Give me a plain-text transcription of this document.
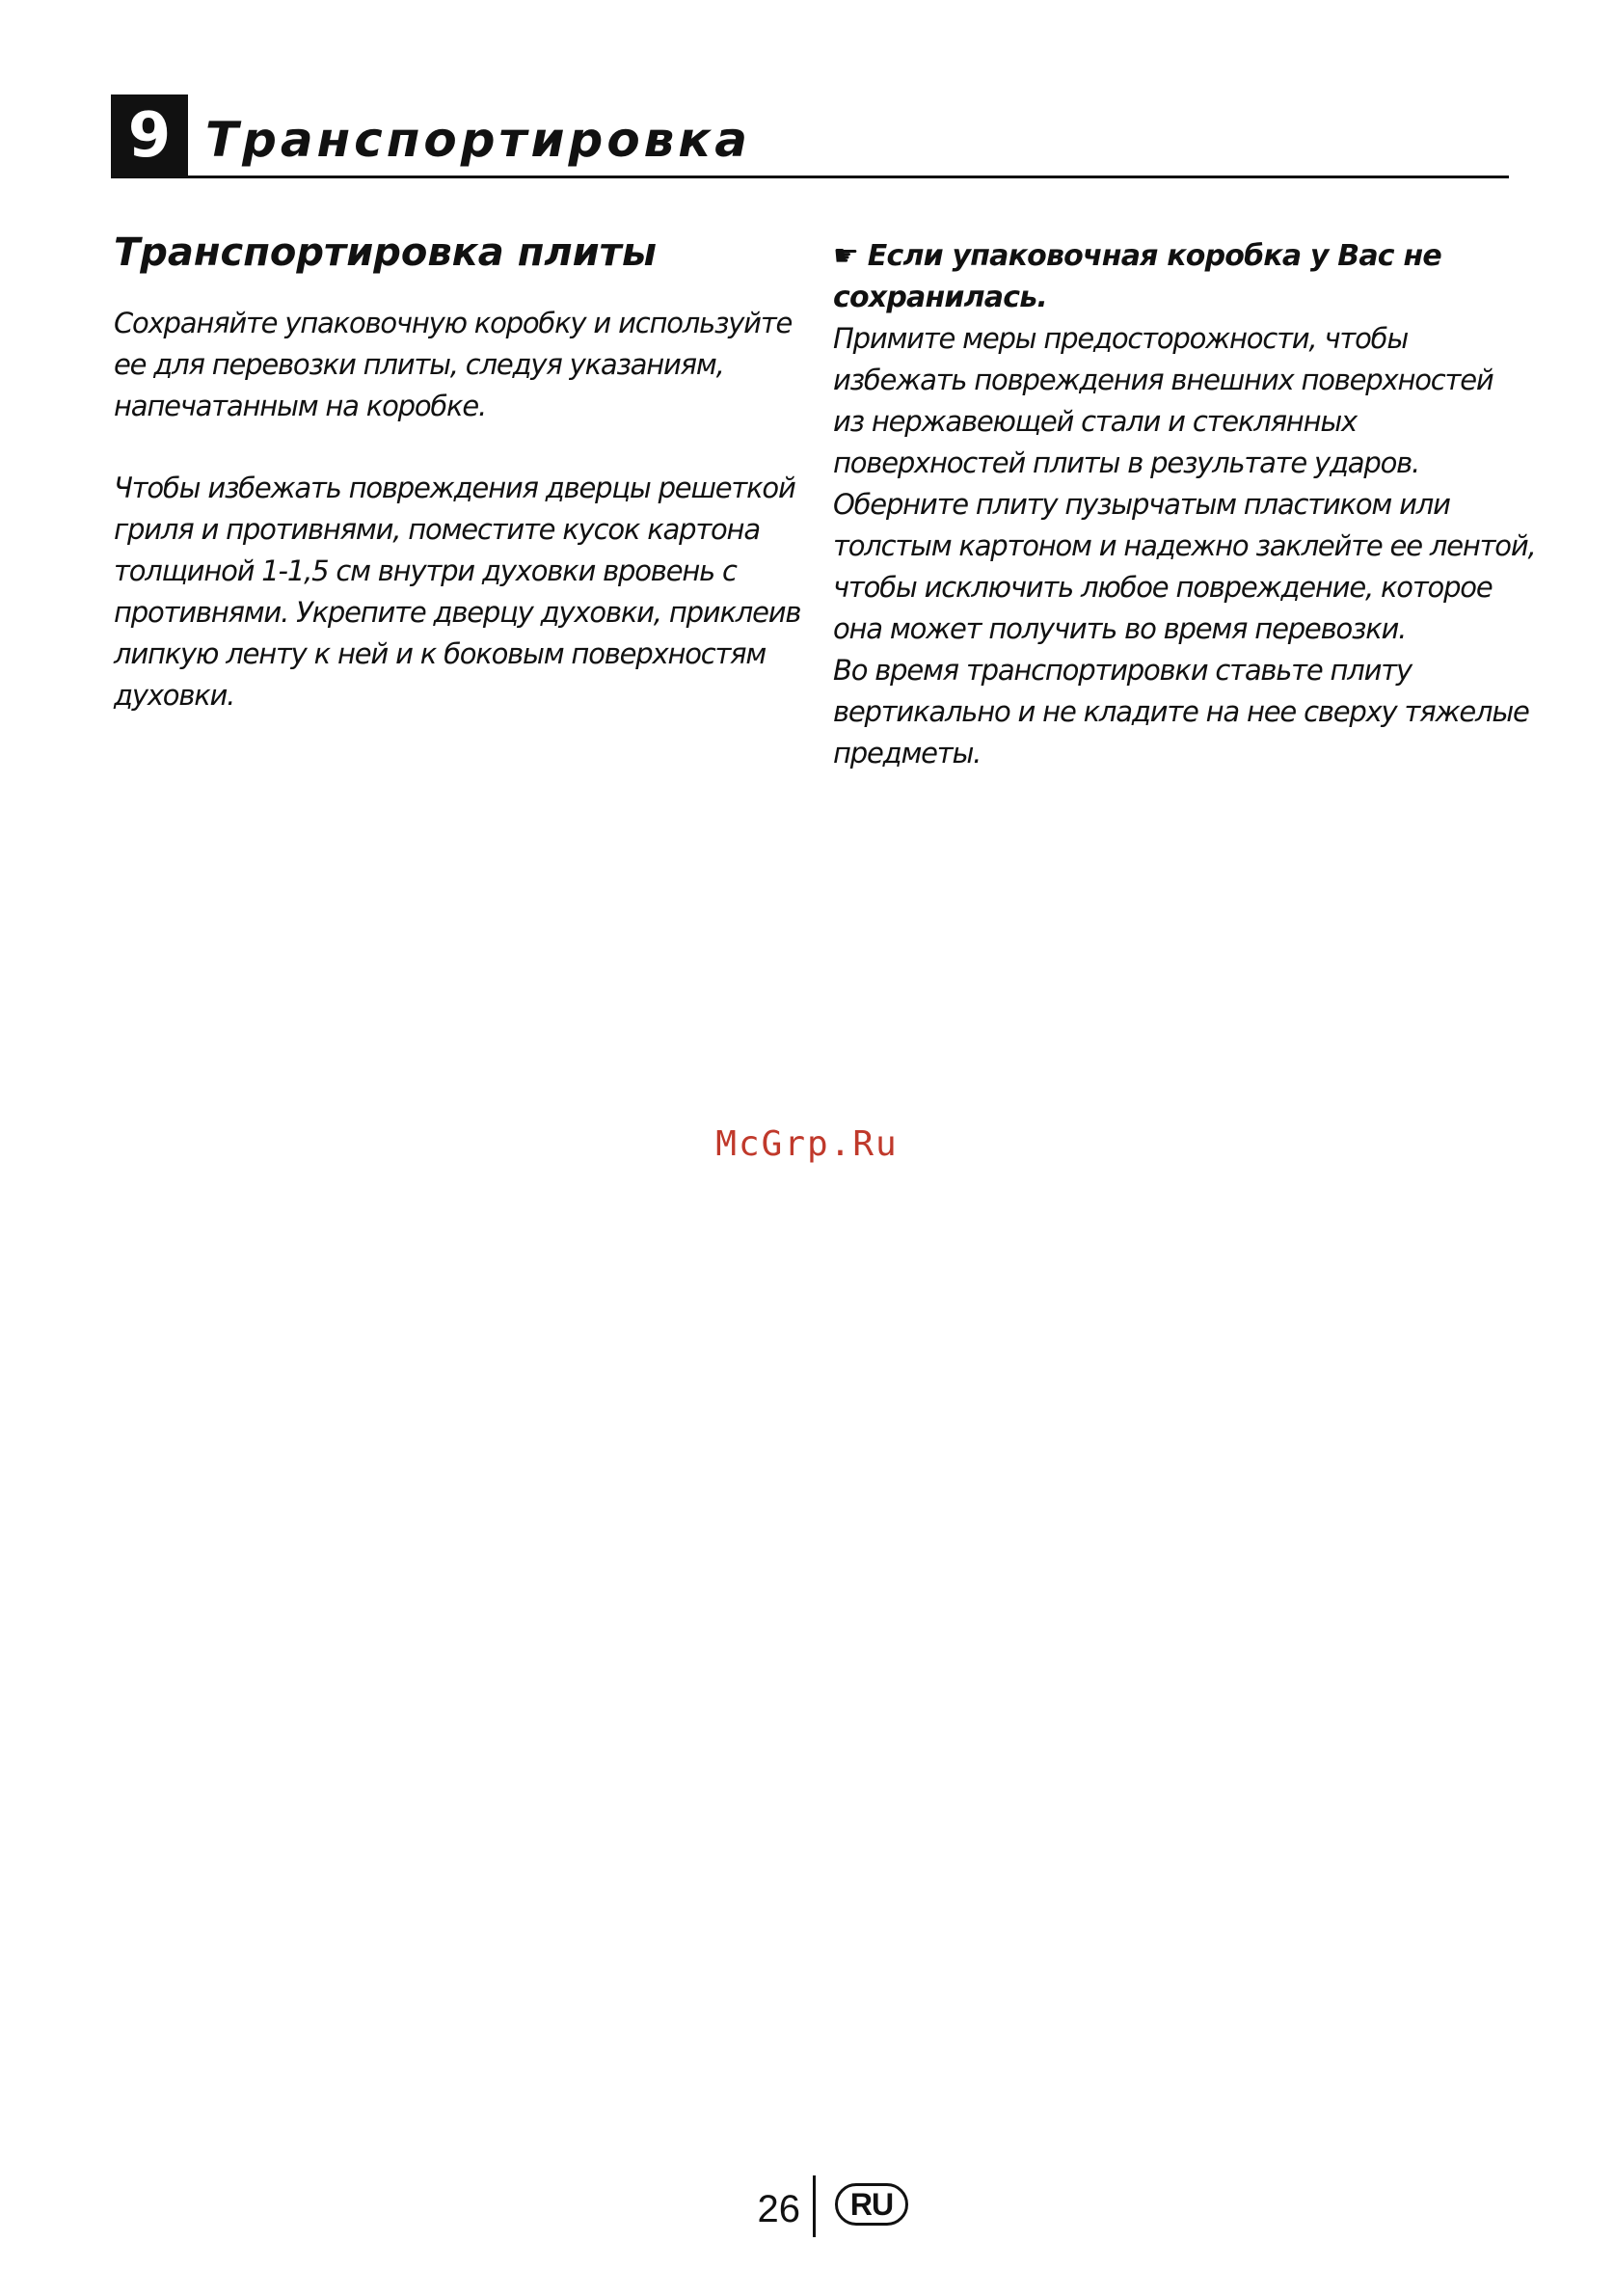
9 Транспортировка
Транспортировка плиты
Сохраняйте упаковочную коробку и используйте
ее для перевозки плиты, следуя указаниям,
напечатанным на коробке.
Чтобы избежать повреждения дверцы решеткой
гриля и противнями, поместите кусок картона
толщиной 1-1,5 см внутри духовки вровень с
противнями. Укрепите дверцу духовки, приклеив
липкую ленту к ней и к боковым поверхностям
духовки.
☛ Если упаковочная коробка у Вас не
сохранилась.
Примите меры предосторожности, чтобы
избежать повреждения внешних поверхностей
из нержавеющей стали и стеклянных
поверхностей плиты в результате ударов.
Оберните плиту пузырчатым пластиком или
толстым картоном и надежно заклейте ее лентой,
чтобы исключить любое повреждение, которое
она может получить во время перевозки.
Во время транспортировки ставьте плиту
вертикально и не кладите на нее сверху тяжелые
предметы.
McGrp.Ru
26	RU
